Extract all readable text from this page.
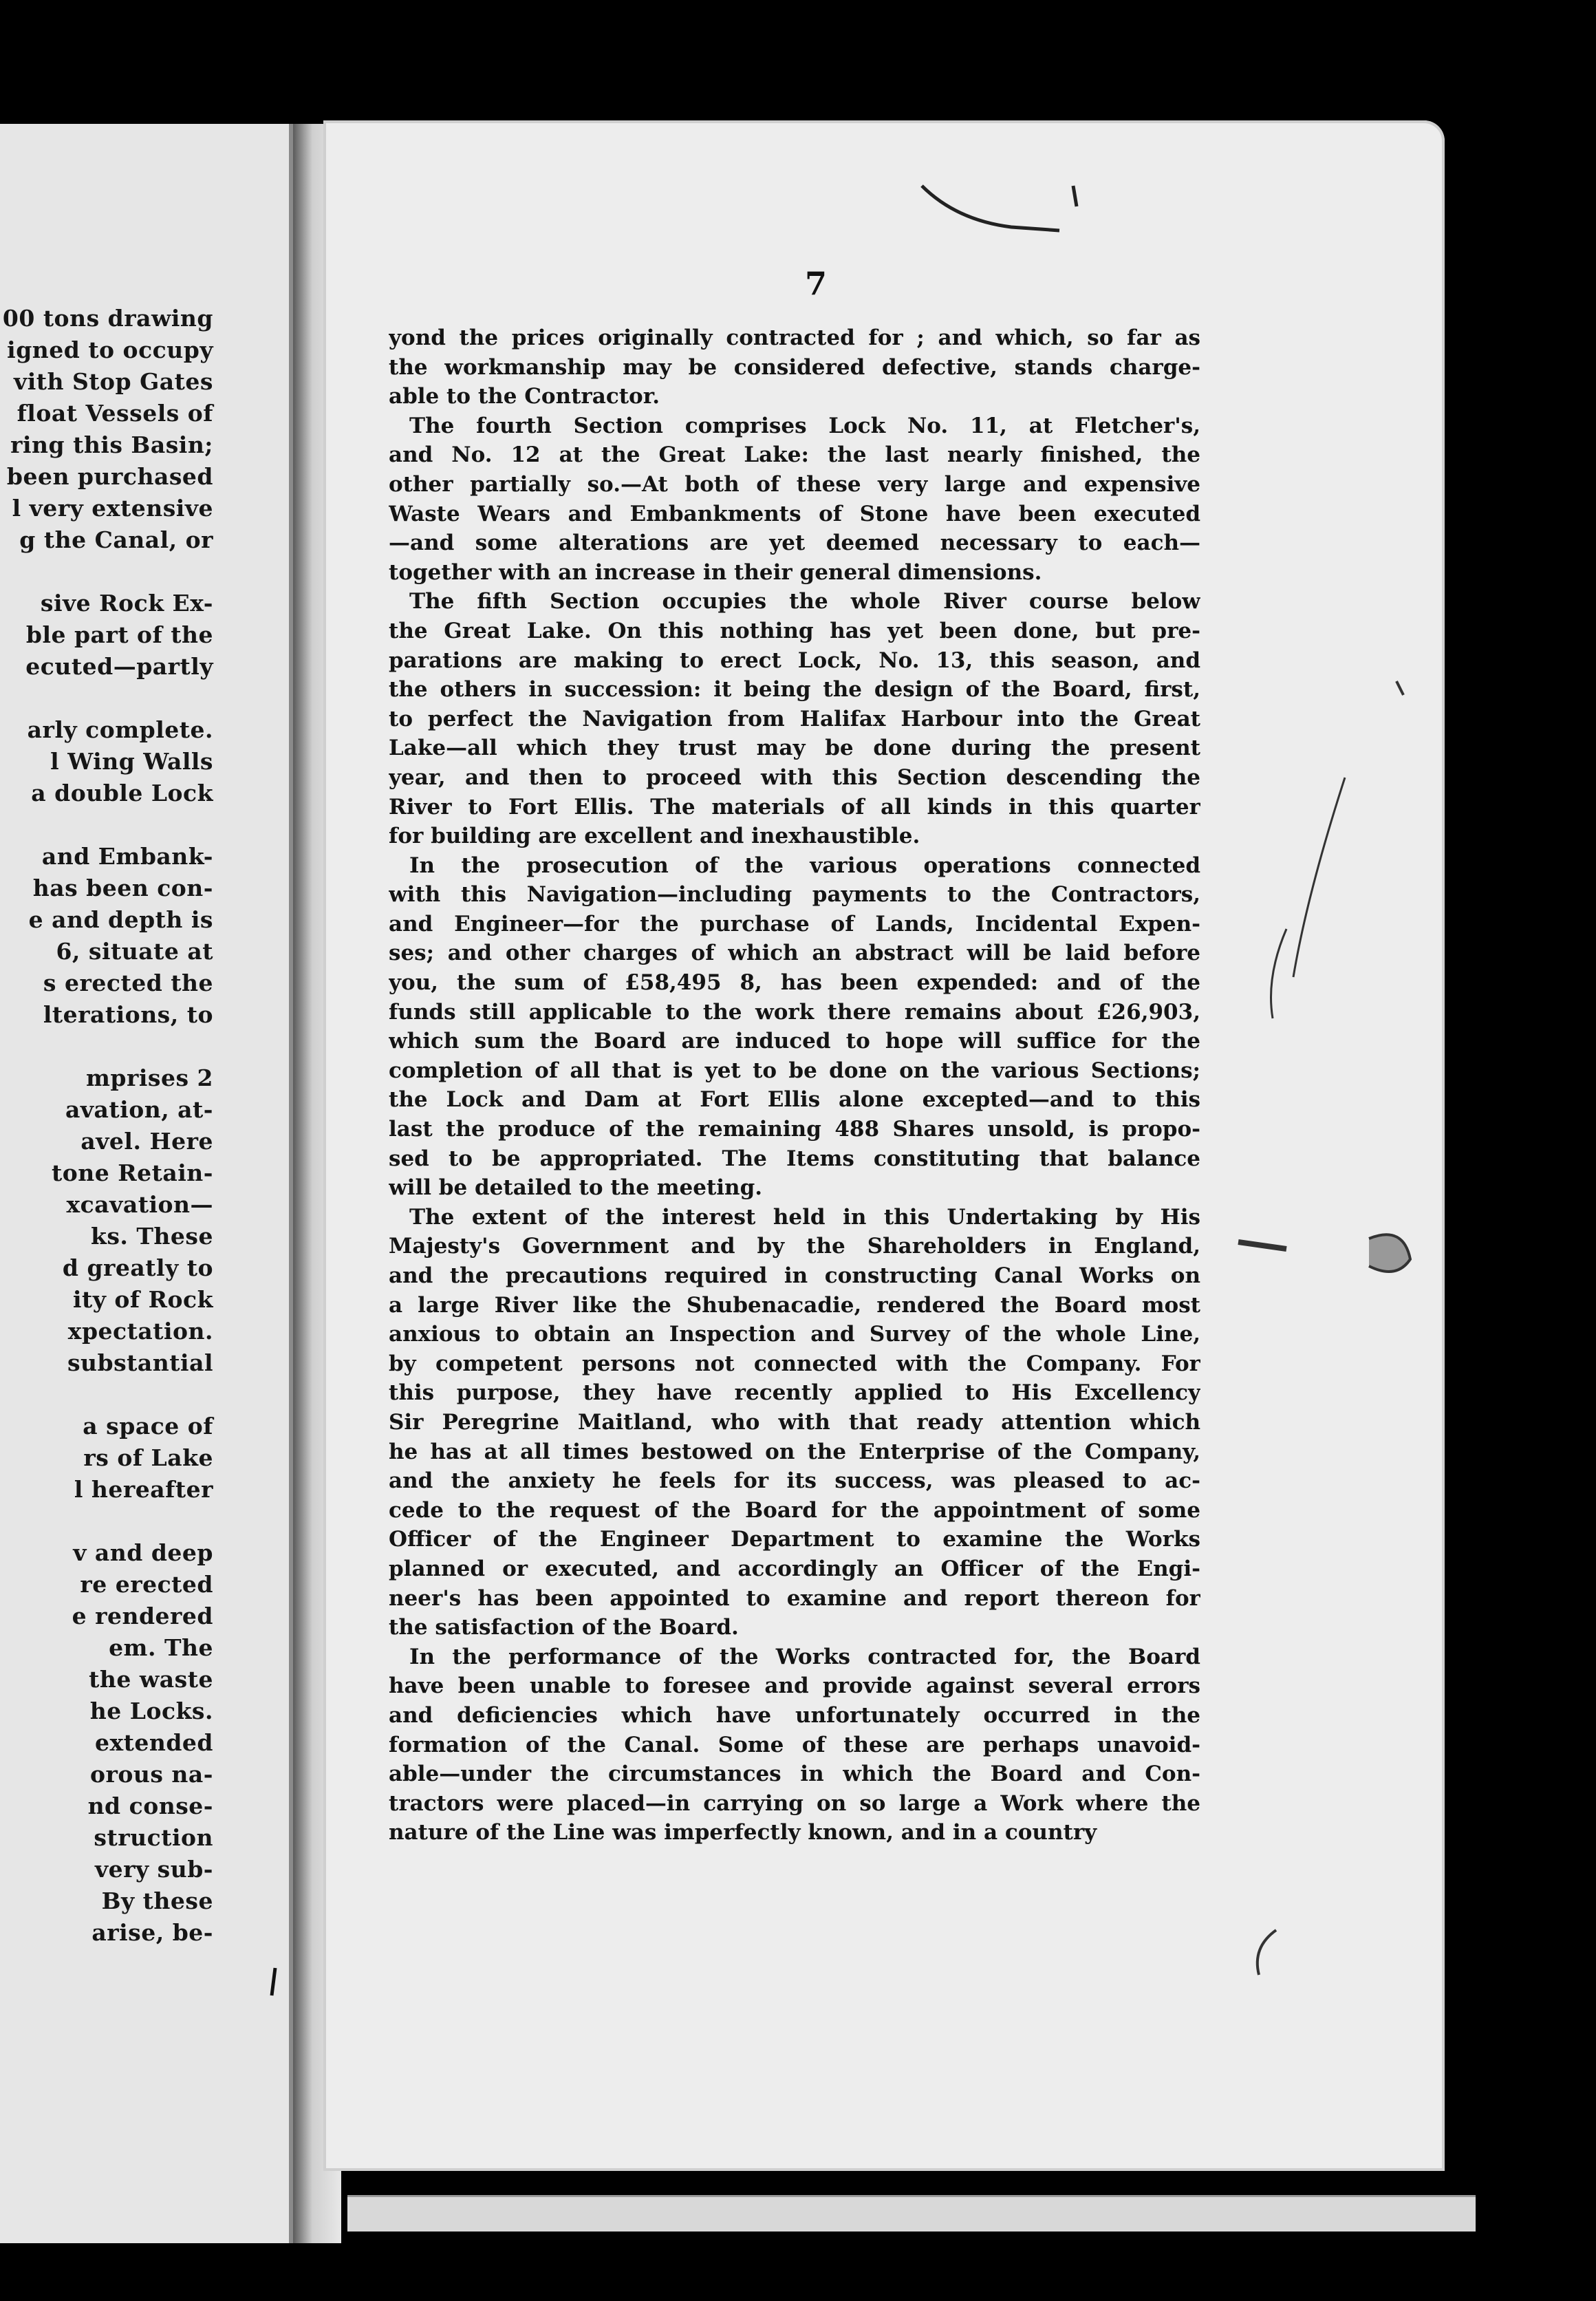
00 tons drawing
igned to occupy
vith Stop Gates
float Vessels of
ring this Basin;
been purchased
l very extensive
g the Canal, or
sive Rock Ex-
ble part of the
ecuted—partly
arly complete.
l Wing Walls
a double Lock
and Embank-
has been con-
e and depth is
6, situate at
s erected the
lterations, to
mprises 2
avation, at-
avel. Here
tone Retain-
xcavation—
ks. These
d greatly to
ity of Rock
xpectation.
substantial
a space of
rs of Lake
l hereafter
v and deep
re erected
e rendered
em. The
the waste
he Locks.
extended
orous na-
nd conse-
struction
very sub-
By these
arise, be-
7

yond the prices originally contracted for ; and which, so far as
the workmanship may be considered defective, stands charge-
able to the Contractor.

The fourth Section comprises Lock No. 11, at Fletcher's,
and No. 12 at the Great Lake: the last nearly finished, the
other partially so.—At both of these very large and expensive
Waste Wears and Embankments of Stone have been executed
—and some alterations are yet deemed necessary to each—
together with an increase in their general dimensions.

The fifth Section occupies the whole River course below
the Great Lake. On this nothing has yet been done, but pre-
parations are making to erect Lock, No. 13, this season, and
the others in succession: it being the design of the Board, first,
to perfect the Navigation from Halifax Harbour into the Great
Lake—all which they trust may be done during the present
year, and then to proceed with this Section descending the
River to Fort Ellis. The materials of all kinds in this quarter
for building are excellent and inexhaustible.

In the prosecution of the various operations connected
with this Navigation—including payments to the Contractors,
and Engineer—for the purchase of Lands, Incidental Expen-
ses; and other charges of which an abstract will be laid before
you, the sum of £58,495 8, has been expended: and of the
funds still applicable to the work there remains about £26,903,
which sum the Board are induced to hope will suffice for the
completion of all that is yet to be done on the various Sections;
the Lock and Dam at Fort Ellis alone excepted—and to this
last the produce of the remaining 488 Shares unsold, is propo-
sed to be appropriated. The Items constituting that balance
will be detailed to the meeting.

The extent of the interest held in this Undertaking by His
Majesty's Government and by the Shareholders in England,
and the precautions required in constructing Canal Works on
a large River like the Shubenacadie, rendered the Board most
anxious to obtain an Inspection and Survey of the whole Line,
by competent persons not connected with the Company. For
this purpose, they have recently applied to His Excellency
Sir Peregrine Maitland, who with that ready attention which
he has at all times bestowed on the Enterprise of the Company,
and the anxiety he feels for its success, was pleased to ac-
cede to the request of the Board for the appointment of some
Officer of the Engineer Department to examine the Works
planned or executed, and accordingly an Officer of the Engi-
neer's has been appointed to examine and report thereon for
the satisfaction of the Board.

In the performance of the Works contracted for, the Board
have been unable to foresee and provide against several errors
and deficiencies which have unfortunately occurred in the
formation of the Canal. Some of these are perhaps unavoid-
able—under the circumstances in which the Board and Con-
tractors were placed—in carrying on so large a Work where the
nature of the Line was imperfectly known, and in a country
